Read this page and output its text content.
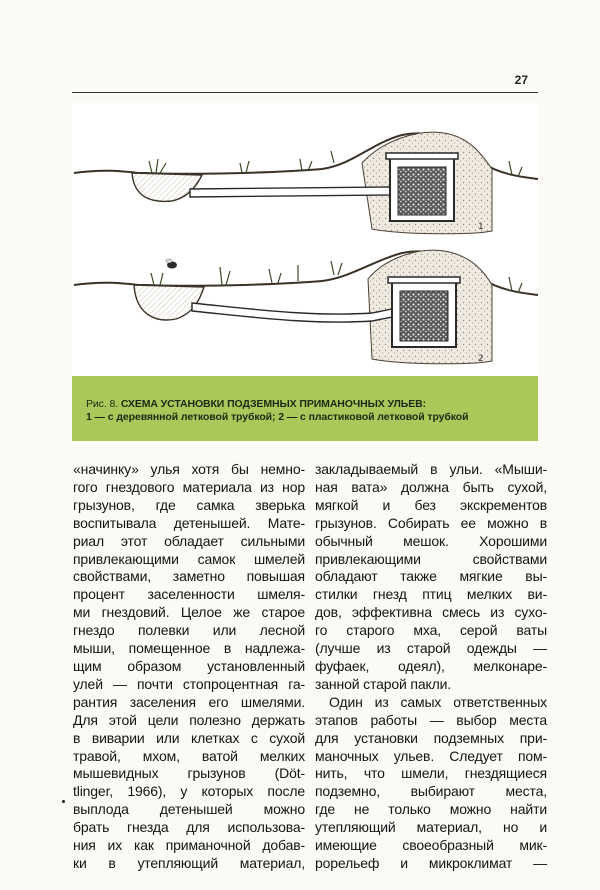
27
1
2
Рис. 8. СХЕМА УСТАНОВКИ ПОДЗЕМНЫХ ПРИМАНОЧНЫХ УЛЬЕВ:
1 — с деревянной летковой трубкой; 2 — с пластиковой летковой трубкой

«начинку» улья хотя бы немно-
гого гнездового материала из нор
грызунов, где самка зверька
воспитывала детенышей. Мате-
риал этот обладает сильными
привлекающими самок шмелей
свойствами, заметно повышая
процент заселенности шмеля-
ми гнездовий. Целое же старое
гнездо полевки или лесной
мыши, помещенное в надлежа-
щим образом установленный
улей — почти стопроцентная га-
рантия заселения его шмелями.
Для этой цели полезно держать
в виварии или клетках с сухой
травой, мхом, ватой мелких
мышевидных грызунов (Döt-
tlinger, 1966), у которых после
выплода детенышей можно
брать гнезда для использова-
ния их как приманочной добав-
ки в утепляющий материал,

закладываемый в ульи. «Мыши-
ная вата» должна быть сухой,
мягкой и без экскрементов
грызунов. Собирать ее можно в
обычный мешок. Хорошими
привлекающими свойствами
обладают также мягкие вы-
стилки гнезд птиц мелких ви-
дов, эффективна смесь из сухо-
го старого мха, серой ваты
(лучше из старой одежды —
фуфаек, одеял), мелконаре-
занной старой пакли.

Один из самых ответственных
этапов работы — выбор места
для установки подземных при-
маночных ульев. Следует пом-
нить, что шмели, гнездящиеся
подземно, выбирают места,
где не только можно найти
утепляющий материал, но и
имеющие своеобразный мик-
рорельеф и микроклимат —
